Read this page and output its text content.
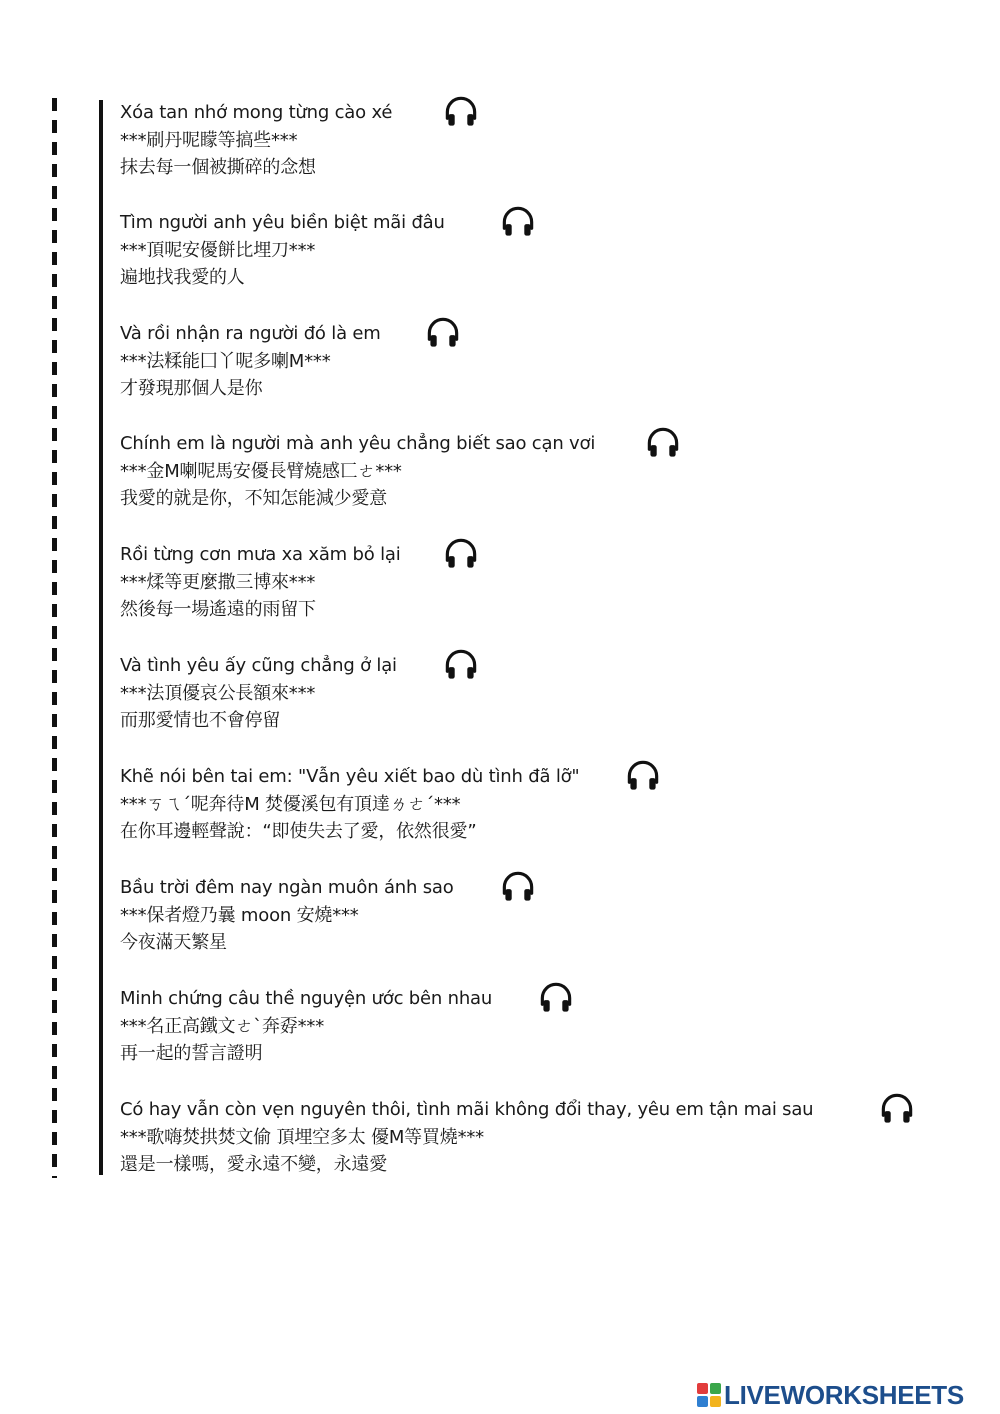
Xóa tan nhớ mong từng cào xé
***刷丹呢矇等搞些***
抹去每一個被撕碎的念想
Tìm người anh yêu biền biệt mãi đâu
***頂呢安優餅比埋刀***
遍地找我愛的人
Và rồi nhận ra người đó là em
***法糅能囗丫呢多喇M***
才發現那個人是你
Chính em là người mà anh yêu chẳng biết sao cạn vơi
***金M喇呢馬安優長臂燒感匸ㄜ***
我愛的就是你，不知怎能減少愛意
Rồi từng cơn mưa xa xăm bỏ lại
***煣等更麼撒三博來***
然後每一場遙遠的雨留下
Và tình yêu ấy cũng chẳng ở lại
***法頂優哀公長額來***
而那愛情也不會停留
Khẽ nói bên tai em: "Vẫn yêu xiết bao dù tình đã lỡ"
***ㄎㄟˊ呢奔待M 焚優溪包有頂達ㄌㄜˊ***
在你耳邊輕聲說：“即使失去了愛，依然很愛”
Bầu trời đêm nay ngàn muôn ánh sao
***保者燈乃曩 moon 安燒***
今夜滿天繁星
Minh chứng câu thề nguyện ước bên nhau
***名正高鐵文ㄜˋ奔孬***
再一起的誓言證明
Có hay vẫn còn vẹn nguyên thôi, tình mãi không đổi thay, yêu em tận mai sau
***歌嗨焚拱焚文偷 頂埋空多太 優M等買燒***
還是一樣嗎，愛永遠不變，永遠愛
LIVEWORKSHEETS
